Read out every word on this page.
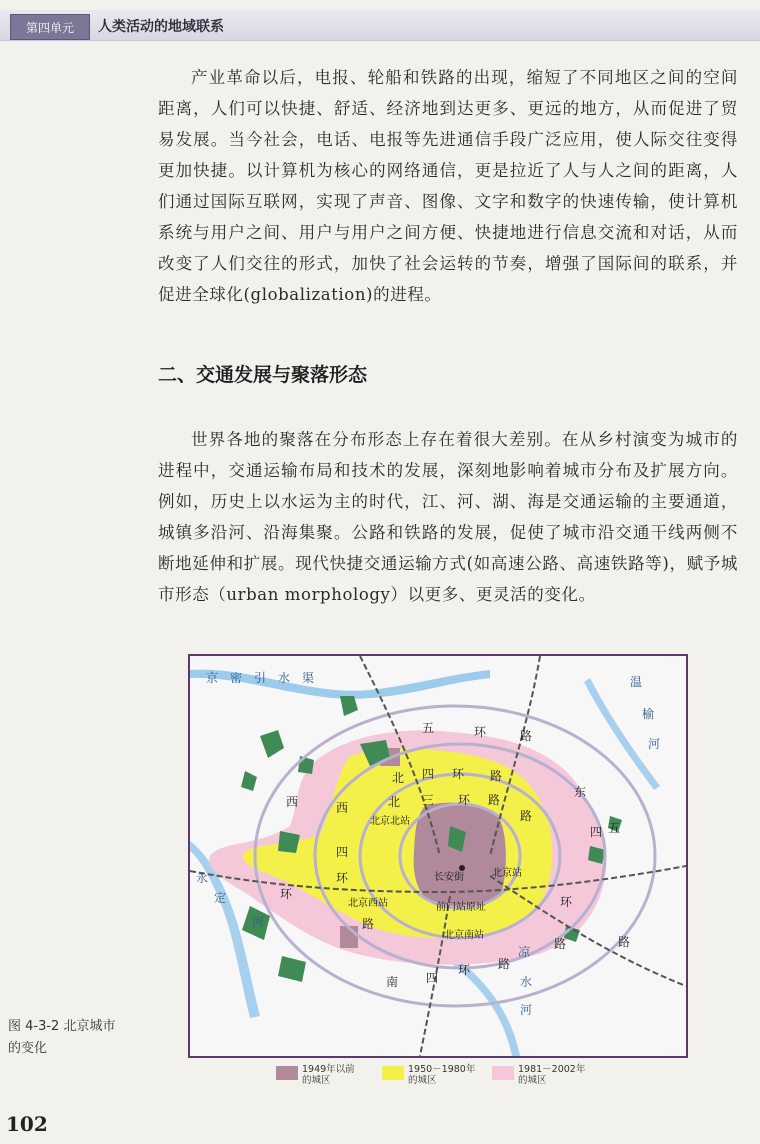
第四单元	人类活动的地域联系
产业革命以后，电报、轮船和铁路的出现，缩短了不同地区之间的空间距离，人们可以快捷、舒适、经济地到达更多、更远的地方，从而促进了贸易发展。当今社会，电话、电报等先进通信手段广泛应用，使人际交往变得更加快捷。以计算机为核心的网络通信，更是拉近了人与人之间的距离，人们通过国际互联网，实现了声音、图像、文字和数字的快速传输，使计算机系统与用户之间、用户与用户之间方便、快捷地进行信息交流和对话，从而改变了人们交往的形式，加快了社会运转的节奏，增强了国际间的联系，并促进全球化(globalization)的进程。
二、交通发展与聚落形态
世界各地的聚落在分布形态上存在着很大差别。在从乡村演变为城市的进程中，交通运输布局和技术的发展，深刻地影响着城市分布及扩展方向。例如，历史上以水运为主的时代，江、河、湖、海是交通运输的主要通道，城镇多沿河、沿海集聚。公路和铁路的发展，促使了城市沿交通干线两侧不断地延伸和扩展。现代快捷交通运输方式(如高速公路、高速铁路等)，赋予城市形态（urban morphology）以更多、更灵活的变化。
京　密　引　水　渠	温
榆
河
永
定
河
凉
水
河
五	环	路
北 四 环 路
北 三 环 路
西	西
四
环
环
东
四 五
环
南 四
环 路
北京北站
北京站
北京西站
北京南站
长安街
前门站原址
路
路
路	路
图 4-3-2 北京城市
的变化
1949年以前
的城区
1950－1980年
的城区
1981－2002年
的城区
102
